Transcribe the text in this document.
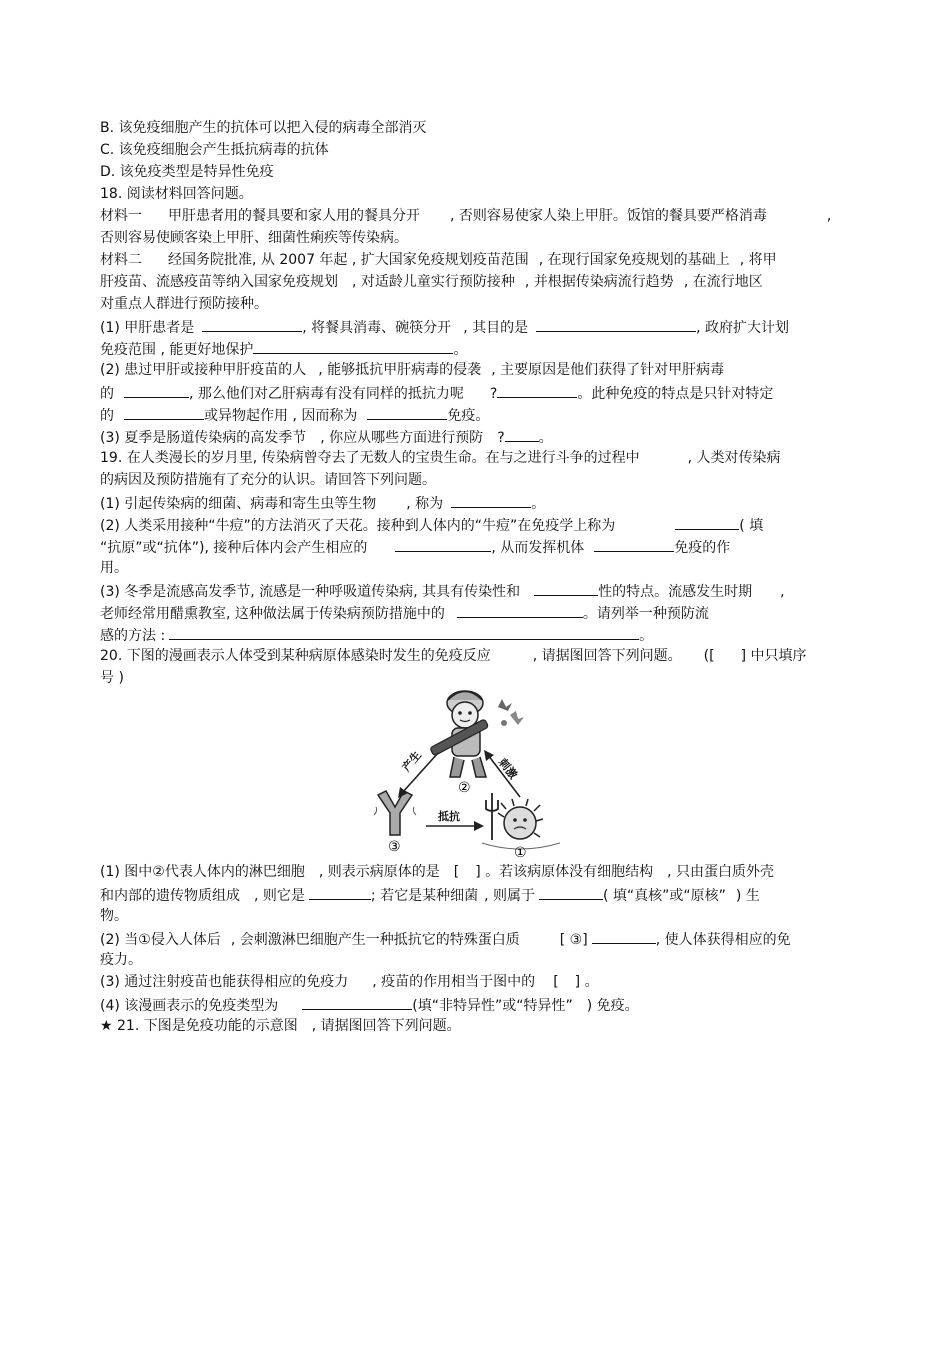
B. 该免疫细胞产生的抗体可以把入侵的病毒全部消灭
C. 该免疫细胞会产生抵抗病毒的抗体
D. 该免疫类型是特异性免疫
18. 阅读材料回答问题。
材料一 甲肝患者用的餐具要和家人用的餐具分开 , 否则容易使家人染上甲肝。饭馆的餐具要严格消毒	,
否则容易使顾客染上甲肝、细菌性痢疾等传染病。
材料二 经国务院批准, 从 2007 年起 , 扩大国家免疫规划疫苗范围 , 在现行国家免疫规划的基础上 , 将甲
肝疫苗、流感疫苗等纳入国家免疫规划 , 对适龄儿童实行预防接种 , 并根据传染病流行趋势 , 在流行地区
对重点人群进行预防接种。
(1) 甲肝患者是	, 将餐具消毒、碗筷分开 , 其目的是	, 政府扩大计划
免疫范围 , 能更好地保护	。
(2) 患过甲肝或接种甲肝疫苗的人 , 能够抵抗甲肝病毒的侵袭 , 主要原因是他们获得了针对甲肝病毒
的	, 那么他们对乙肝病毒有没有同样的抵抗力呢 ?	。此种免疫的特点是只针对特定
的	或异物起作用 , 因而称为	免疫。
(3) 夏季是肠道传染病的高发季节 , 你应从哪些方面进行预防 ? 。
19. 在人类漫长的岁月里, 传染病曾夺去了无数人的宝贵生命。在与之进行斗争的过程中	, 人类对传染病
的病因及预防措施有了充分的认识。请回答下列问题。
(1) 引起传染病的细菌、病毒和寄生虫等生物 , 称为	。
(2) 人类采用接种“牛痘”的方法消灭了天花。接种到人体内的“牛痘”在免疫学上称为	( 填
“抗原”或“抗体”), 接种后体内会产生相应的	, 从而发挥机体	免疫的作
用。
(3) 冬季是流感高发季节, 流感是一种呼吸道传染病, 其具有传染性和	性的特点。流感发生时期 ,
老师经常用醋熏教室, 这种做法属于传染病预防措施中的	。请列举一种预防流
感的方法 :	。
20. 下图的漫画表示人体受到某种病原体感染时发生的免疫反应	, 请据图回答下列问题。 ([ ] 中只填序
号 )
产生	刺激
抵抗
②
③	①
(1) 图中②代表人体内的淋巴细胞 , 则表示病原体的是 [ ] 。若该病原体没有细胞结构 , 只由蛋白质外壳
和内部的遗传物质组成 , 则它是	; 若它是某种细菌 , 则属于	( 填“真核”或“原核” ) 生
物。
(2) 当①侵入人体后 , 会刺激淋巴细胞产生一种抵抗它的特殊蛋白质	[ ③]	, 使人体获得相应的免
疫力。
(3) 通过注射疫苗也能获得相应的免疫力 , 疫苗的作用相当于图中的 [ ] 。
(4) 该漫画表示的免疫类型为	(填“非特异性”或“特异性” ) 免疫。
★ 21. 下图是免疫功能的示意图 , 请据图回答下列问题。
